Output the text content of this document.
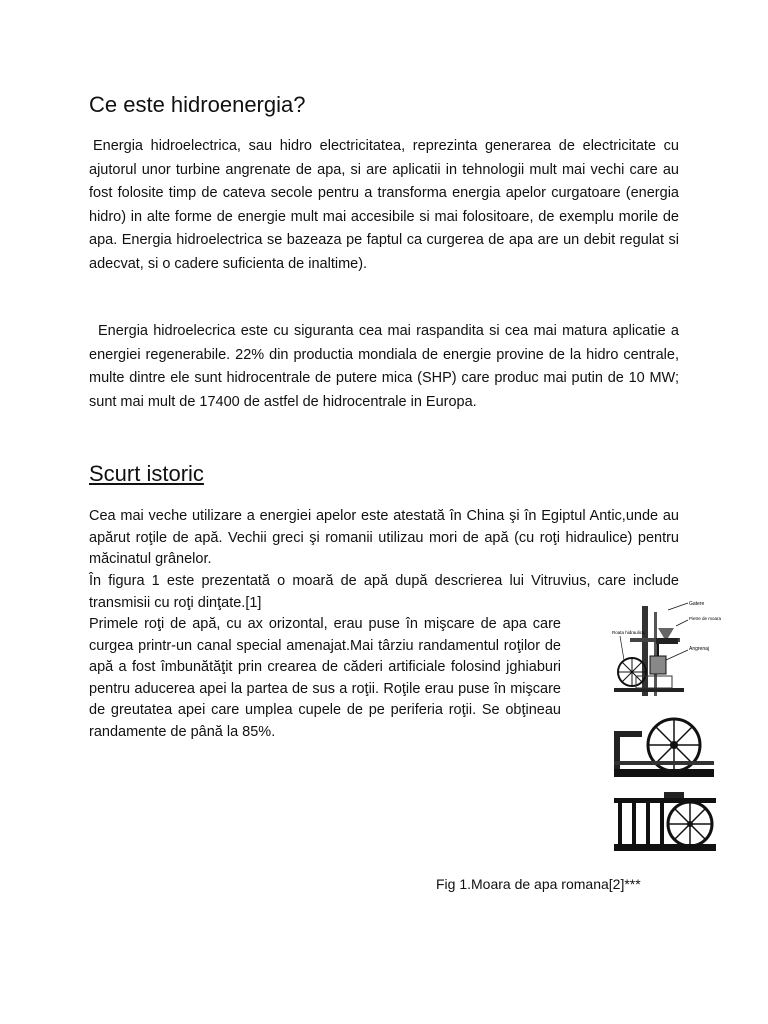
Ce este hidroenergia?

Energia hidroelectrica, sau hidro electricitatea, reprezinta generarea de electricitate cu ajutorul unor turbine angrenate de apa, si are aplicatii in tehnologii mult mai vechi care au fost folosite timp de cateva secole pentru a transforma energia apelor curgatoare (energia hidro) in alte forme de energie mult mai accesibile si mai folositoare, de exemplu morile de apa. Energia hidroelectrica se bazeaza pe faptul ca curgerea de apa are un debit regulat si adecvat, si o cadere suficienta de inaltime).

Energia hidroelecrica este cu siguranta cea mai raspandita si cea mai matura aplicatie a energiei regenerabile. 22% din productia mondiala de energie provine de la hidro centrale, multe dintre ele sunt hidrocentrale de putere mica (SHP) care produc mai putin de 10 MW; sunt mai mult de 17400 de astfel de hidrocentrale in Europa.

Scurt istoric

Cea mai veche utilizare a energiei apelor este atestată în China şi în Egiptul Antic,unde au apărut roţile de apă. Vechii greci şi romanii utilizau mori de apă (cu roţi hidraulice) pentru măcinatul grânelor.

În figura 1 este prezentată o moară de apă după descrierea lui Vitruvius, care include transmisii cu roţi dinţate.[1]

Primele roţi de apă, cu ax orizontal, erau puse în mişcare de apa care curgea printr-un canal special amenajat.Mai târziu randamentul roţilor de apă a fost îmbunătăţit prin crearea de căderi artificiale folosind jghiaburi pentru aducerea apei la partea de sus a roţii. Roţile erau puse în mişcare de greutatea apei care umplea cupele de pe periferia roţii. Se obţineau randamente de până la 85%.

Gatere
Pietre de moara
Roata hidraulica
Angrenaj

Fig 1.Moara de apa romana[2]***
